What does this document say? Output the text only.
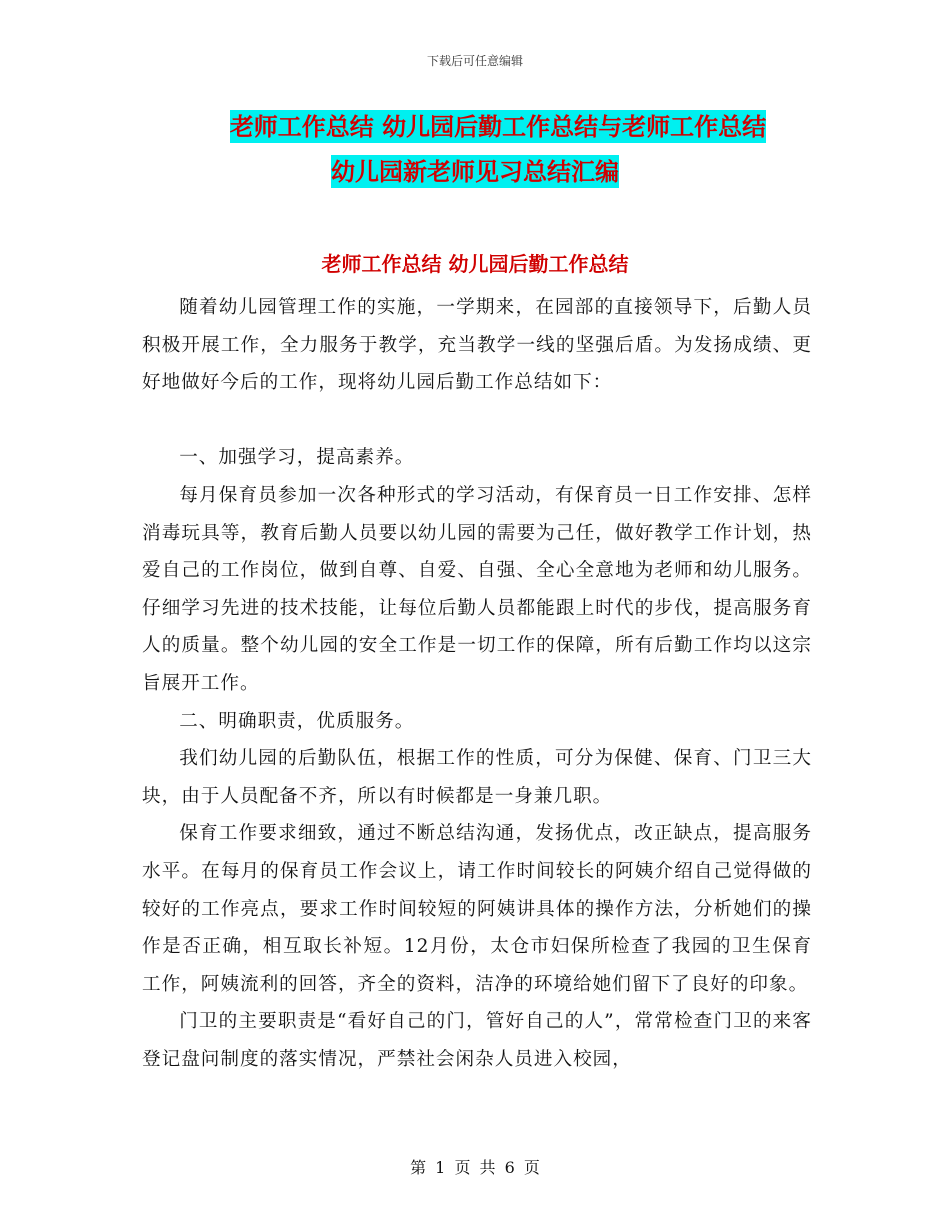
下载后可任意编辑
老师工作总结 幼儿园后勤工作总结与老师工作总结
幼儿园新老师见习总结汇编
老师工作总结 幼儿园后勤工作总结

随着幼儿园管理工作的实施，一学期来，在园部的直接领导下，后勤人员积极开展工作，全力服务于教学，充当教学一线的坚强后盾。为发扬成绩、更好地做好今后的工作，现将幼儿园后勤工作总结如下：

一、加强学习，提高素养。

每月保育员参加一次各种形式的学习活动，有保育员一日工作安排、怎样消毒玩具等，教育后勤人员要以幼儿园的需要为己任，做好教学工作计划，热爱自己的工作岗位，做到自尊、自爱、自强、全心全意地为老师和幼儿服务。仔细学习先进的技术技能，让每位后勤人员都能跟上时代的步伐，提高服务育人的质量。整个幼儿园的安全工作是一切工作的保障，所有后勤工作均以这宗旨展开工作。

二、明确职责，优质服务。

我们幼儿园的后勤队伍，根据工作的性质，可分为保健、保育、门卫三大块，由于人员配备不齐，所以有时候都是一身兼几职。

保育工作要求细致，通过不断总结沟通，发扬优点，改正缺点，提高服务水平。在每月的保育员工作会议上，请工作时间较长的阿姨介绍自己觉得做的较好的工作亮点，要求工作时间较短的阿姨讲具体的操作方法，分析她们的操作是否正确，相互取长补短。12月份，太仓市妇保所检查了我园的卫生保育工作，阿姨流利的回答，齐全的资料，洁净的环境给她们留下了良好的印象。

门卫的主要职责是“看好自己的门，管好自己的人”，常常检查门卫的来客登记盘问制度的落实情况，严禁社会闲杂人员进入校园，

第 1 页 共 6 页
